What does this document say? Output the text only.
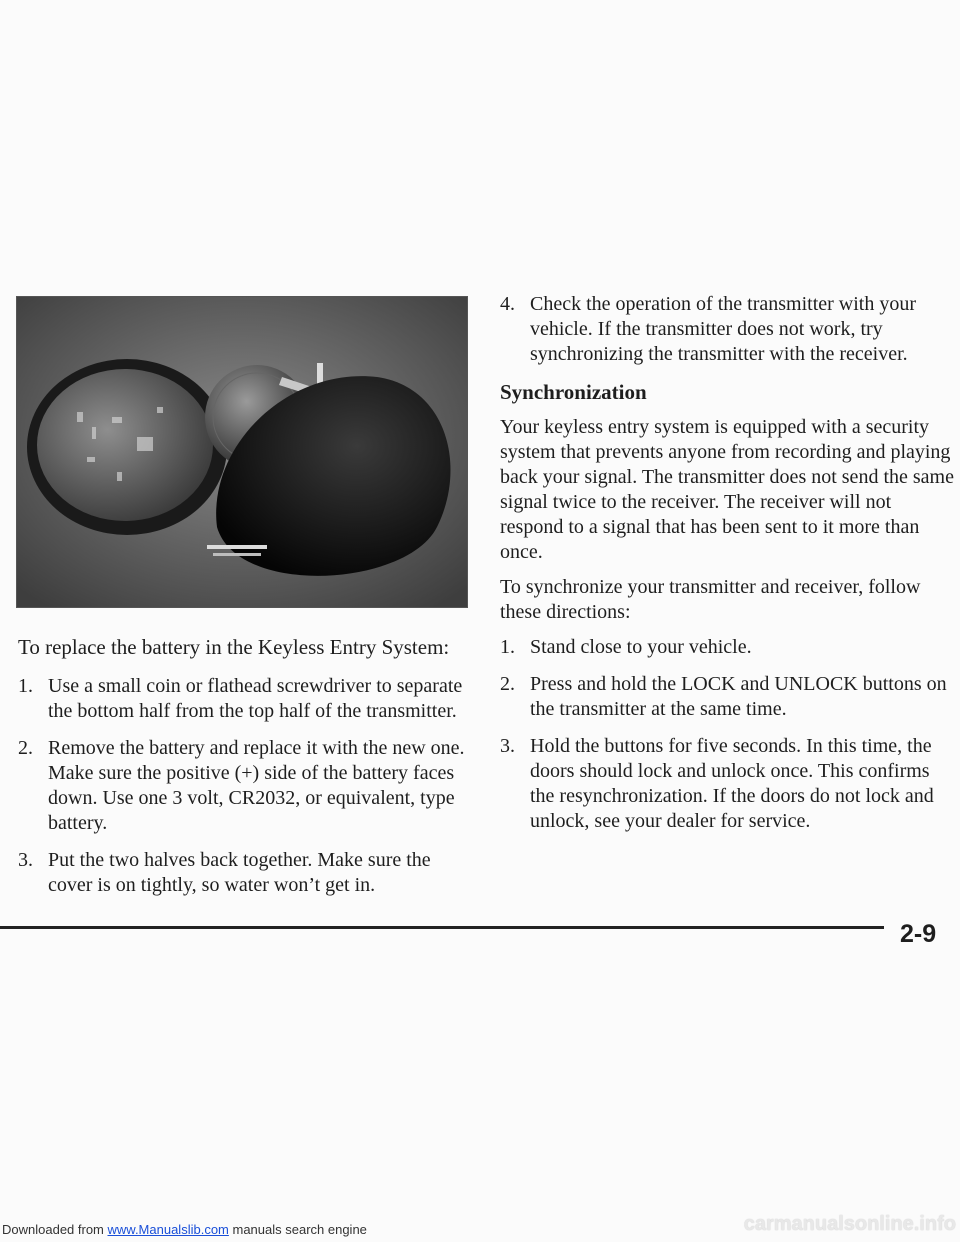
To replace the battery in the Keyless Entry System:

1. Use a small coin or flathead screwdriver to separate the bottom half from the top half of the transmitter.
2. Remove the battery and replace it with the new one. Make sure the positive (+) side of the battery faces down. Use one 3 volt, CR2032, or equivalent, type battery.
3. Put the two halves back together. Make sure the cover is on tightly, so water won’t get in.
4. Check the operation of the transmitter with your vehicle. If the transmitter does not work, try synchronizing the transmitter with the receiver.
Synchronization

Your keyless entry system is equipped with a security system that prevents anyone from recording and playing back your signal. The transmitter does not send the same signal twice to the receiver. The receiver will not respond to a signal that has been sent to it more than once.

To synchronize your transmitter and receiver, follow these directions:

1. Stand close to your vehicle.
2. Press and hold the LOCK and UNLOCK buttons on the transmitter at the same time.
3. Hold the buttons for five seconds. In this time, the doors should lock and unlock once. This confirms the resynchronization. If the doors do not lock and unlock, see your dealer for service.
2-9
Downloaded from www.Manualslib.com manuals search engine	carmanualsonline.info
